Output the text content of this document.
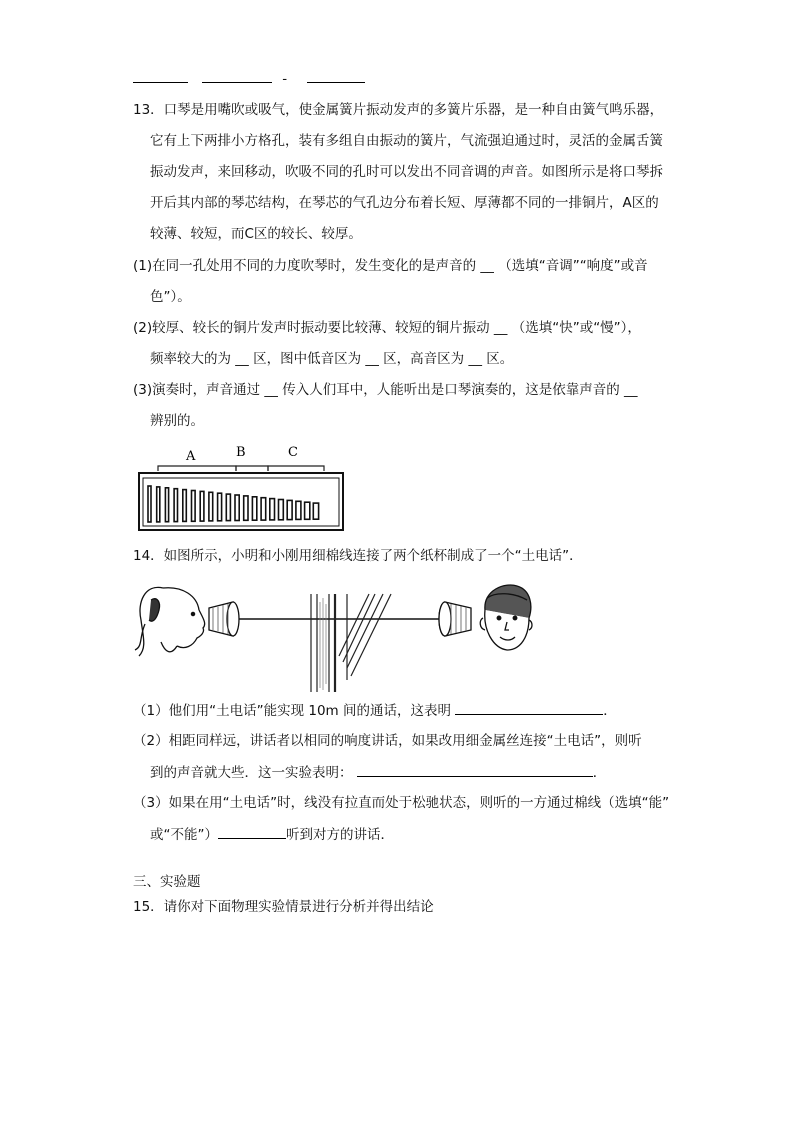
-
13．口琴是用嘴吹或吸气，使金属簧片振动发声的多簧片乐器，是一种自由簧气鸣乐器，
它有上下两排小方格孔，装有多组自由振动的簧片，气流强迫通过时，灵活的金属舌簧
振动发声，来回移动，吹吸不同的孔时可以发出不同音调的声音。如图所示是将口琴拆
开后其内部的琴芯结构，在琴芯的气孔边分布着长短、厚薄都不同的一排铜片，A区的
较薄、较短，而C区的较长、较厚。
(1)在同一孔处用不同的力度吹琴时，发生变化的是声音的 __ （选填“音调”“响度”或音
色”）。
(2)较厚、较长的铜片发声时振动要比较薄、较短的铜片振动 __ （选填“快”或“慢”），
频率较大的为 __ 区，图中低音区为 __ 区，高音区为 __ 区。
(3)演奏时，声音通过 __ 传入人们耳中，人能听出是口琴演奏的，这是依靠声音的 __
辨别的。
A	B	C
14．如图所示，小明和小刚用细棉线连接了两个纸杯制成了一个“土电话”．
（1）他们用“土电话”能实现 10m 间的通话，这表明	．
（2）相距同样远，讲话者以相同的响度讲话，如果改用细金属丝连接“土电话”，则听
到的声音就大些．这一实验表明：	．
（3）如果在用“土电话”时，线没有拉直而处于松驰状态，则听的一方通过棉线（选填“能”
或“不能”）	听到对方的讲话．
三、实验题
15．请你对下面物理实验情景进行分析并得出结论
